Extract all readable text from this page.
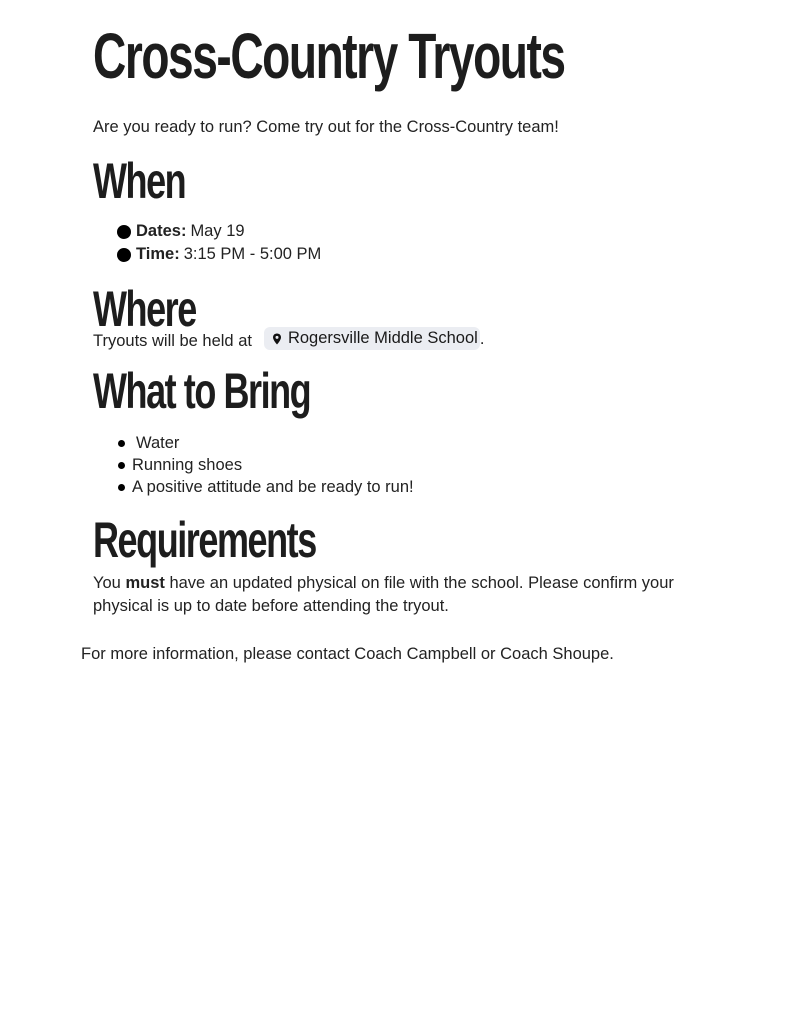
Cross-Country Tryouts

Are you ready to run? Come try out for the Cross-Country team!

When
Dates: May 19
Time: 3:15 PM - 5:00 PM
Where
Tryouts will be held at Rogersville Middle School .
What to Bring
Water
Running shoes
A positive attitude and be ready to run!
Requirements

You must have an updated physical on file with the school. Please confirm your physical is up to date before attending the tryout.

For more information, please contact Coach Campbell or Coach Shoupe.
